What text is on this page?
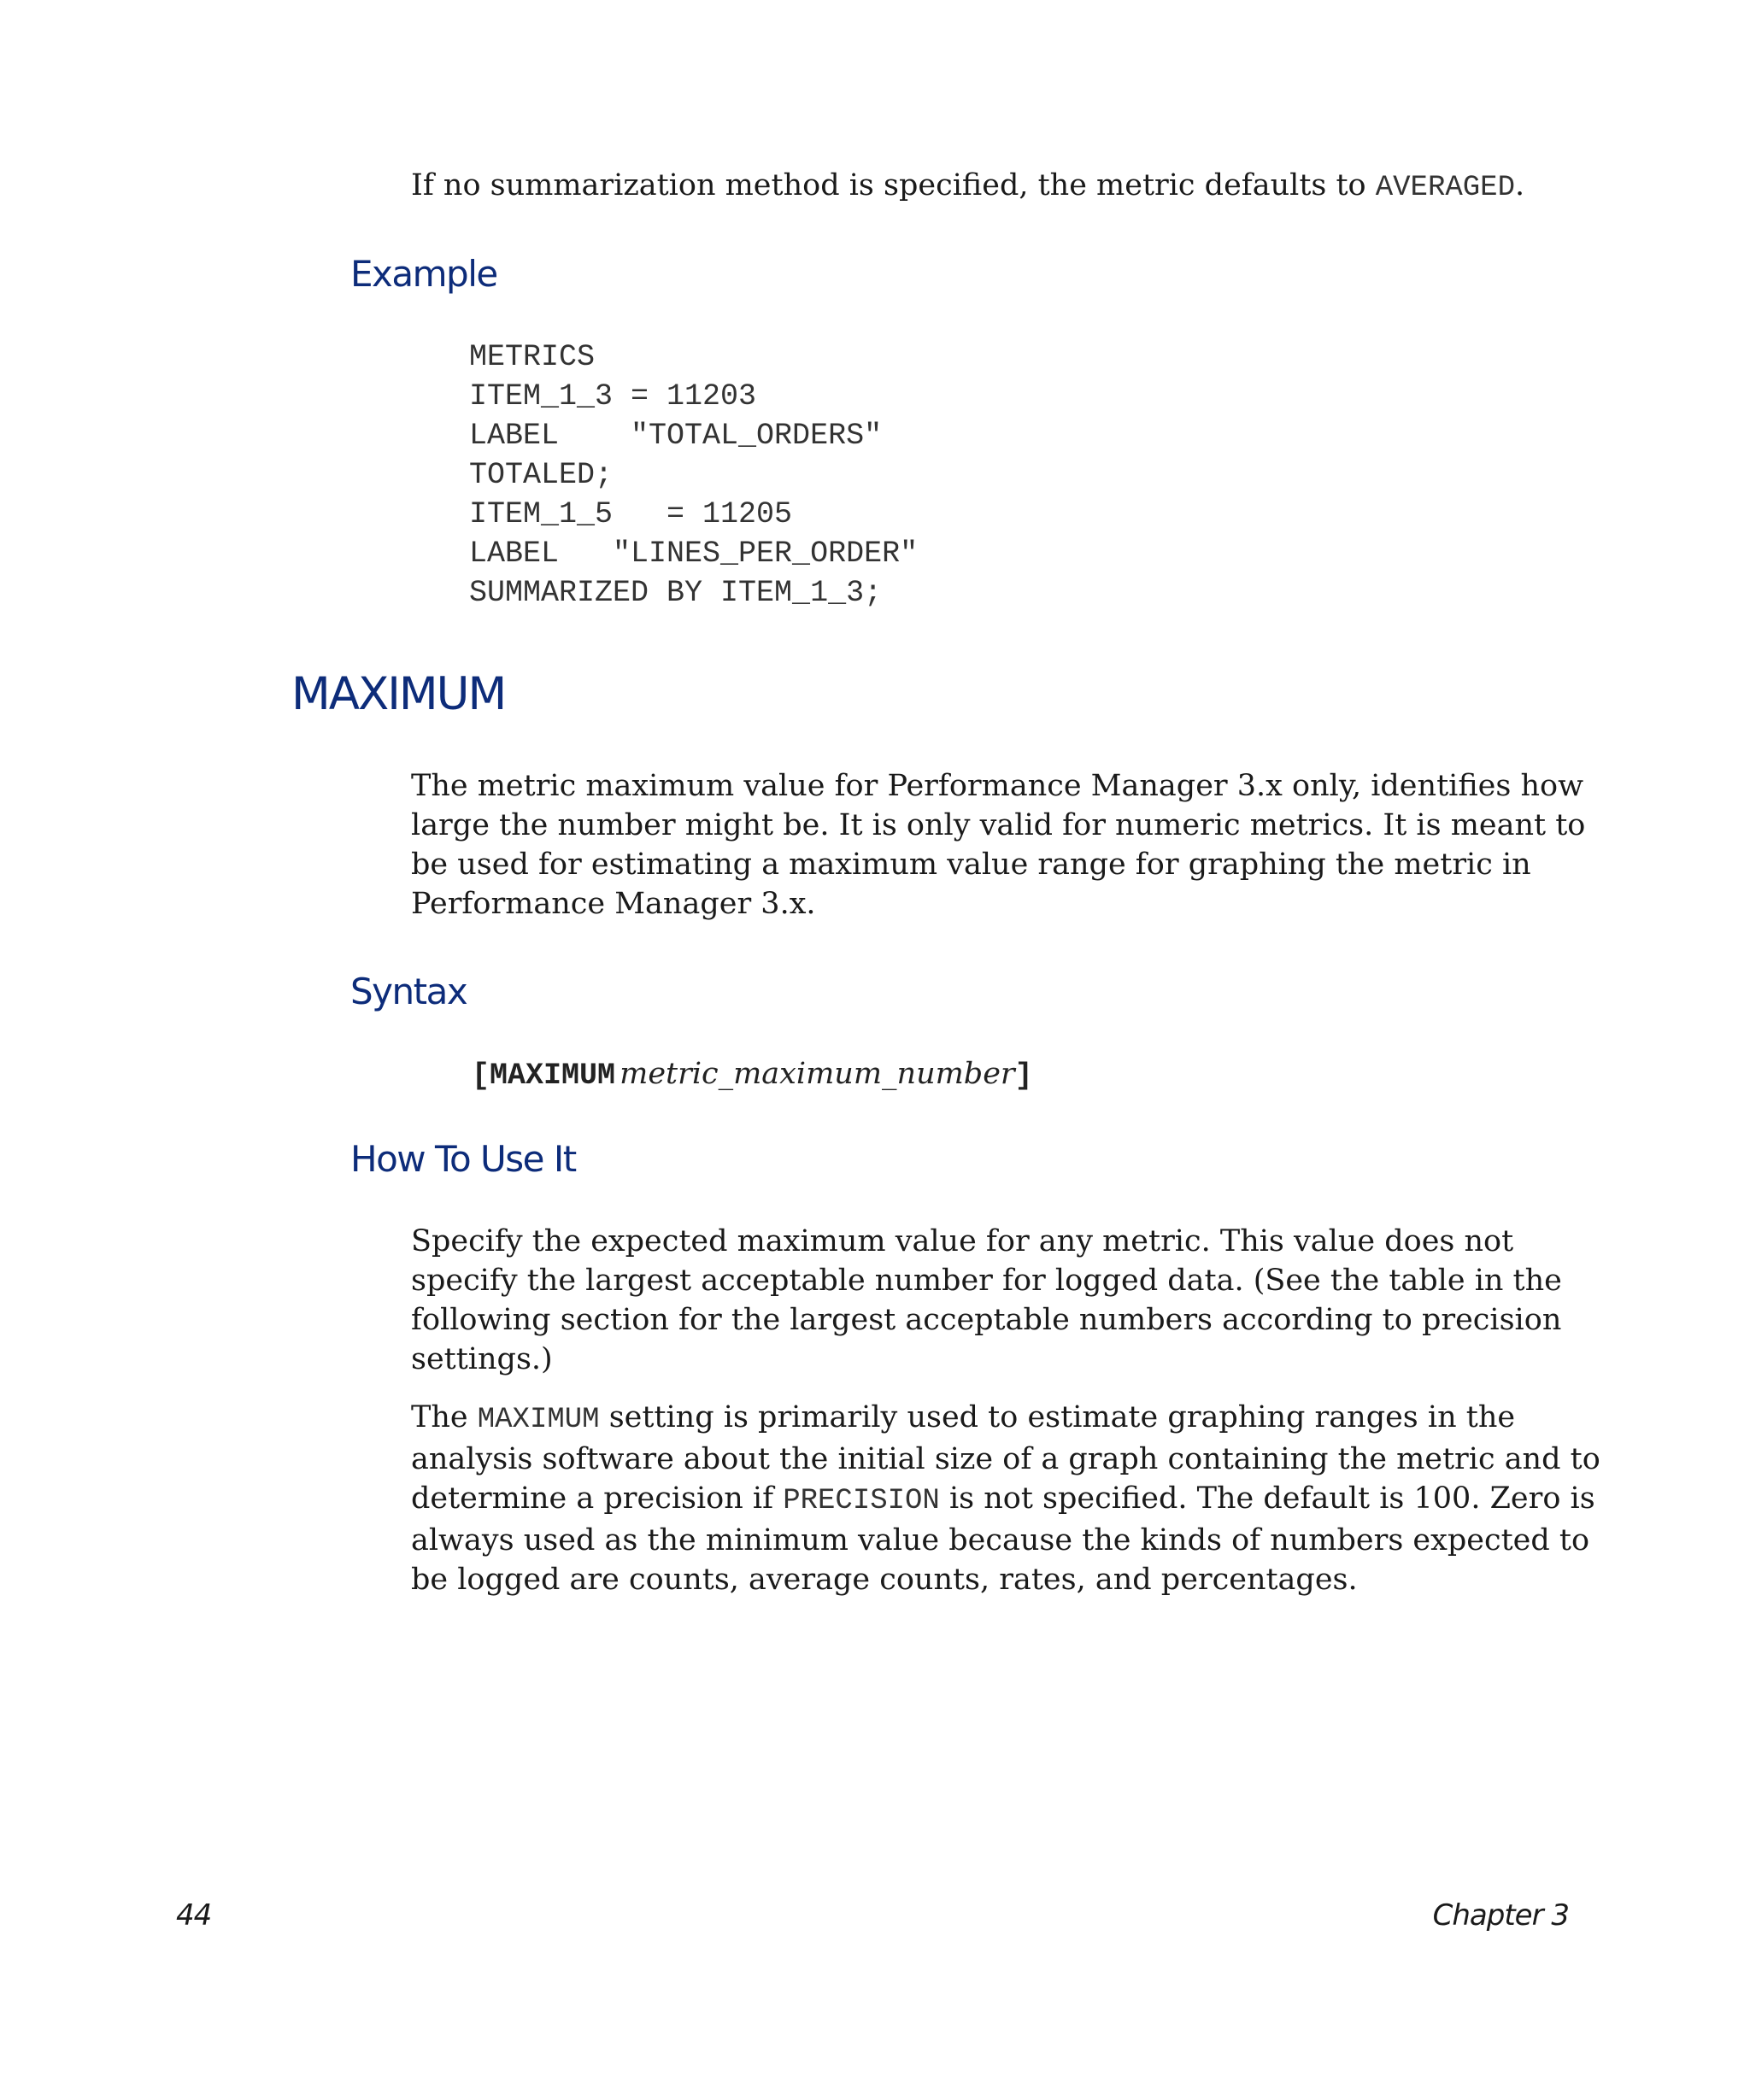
If no summarization method is specified, the metric defaults to AVERAGED.

Example
METRICS
ITEM_1_3 = 11203
LABEL    "TOTAL_ORDERS"
TOTALED;
ITEM_1_5   = 11205
LABEL   "LINES_PER_ORDER"
SUMMARIZED BY ITEM_1_3;
MAXIMUM
The metric maximum value for Performance Manager 3.x only, identifies how
large the number might be. It is only valid for numeric metrics. It is meant to
be used for estimating a maximum value range for graphing the metric in
Performance Manager 3.x.
Syntax
[MAXIMUM metric_maximum_number]
How To Use It
Specify the expected maximum value for any metric. This value does not
specify the largest acceptable number for logged data. (See the table in the
following section for the largest acceptable numbers according to precision
settings.)
The MAXIMUM setting is primarily used to estimate graphing ranges in the
analysis software about the initial size of a graph containing the metric and to
determine a precision if PRECISION is not specified. The default is 100. Zero is
always used as the minimum value because the kinds of numbers expected to
be logged are counts, average counts, rates, and percentages.
44	Chapter 3
